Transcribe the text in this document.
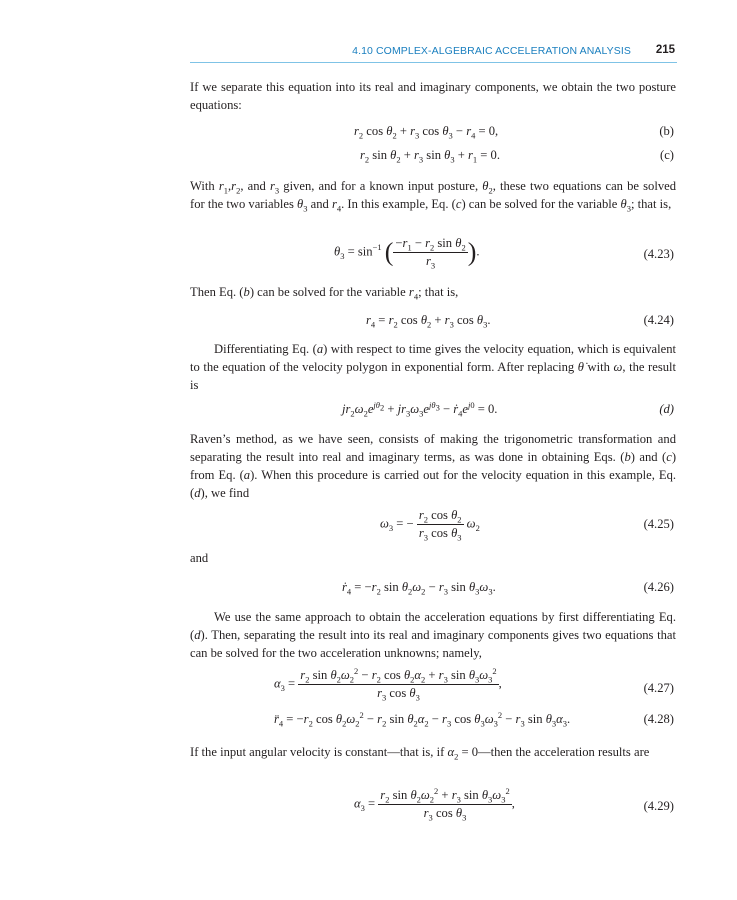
4.10 COMPLEX-ALGEBRAIC ACCELERATION ANALYSIS 215

If we separate this equation into its real and imaginary components, we obtain the two posture equations:

$r_2$ $\cos \theta_2 + r_3$ $\cos \theta_3 - r_4 = 0$,	(b)
$r_2$ $\sin \theta_2 + r_3$ $\sin \theta_3 + r_1 = 0$.	(c)

With $r_1,r_2$, and $r_3$ given, and for a known input posture, $\theta_2$, these two equations can be solved for the two variables $\theta_3$ and $r_4$. In this example, Eq. (c) can be solved for the variable $\theta_3$; that is,

$\theta_3 = \sin^{-1}$ ( $\frac{-r_1 - r_2 \sin \theta_2}{r_3}$ ).	(4.23)

Then Eq. (b) can be solved for the variable $r_4$; that is,

$r_4 = r_2$ $\cos \theta_2 + r_3$ $\cos \theta_3$.	(4.24)

Differentiating Eq. (a) with respect to time gives the velocity equation, which is equivalent to the equation of the velocity polygon in exponential form. After replacing θ̇ with ω, the result is

$jr_2\omega_2e^{j\theta_2} + jr_3\omega_3e^{j\theta_3}$ − $ṙ_4e^{j0} = 0$.	(d)

Raven’s method, as we have seen, consists of making the trigonometric transformation and separating the result into real and imaginary terms, as was done in obtaining Eqs. (b) and (c) from Eq. (a). When this procedure is carried out for the velocity equation in this example, Eq. (d), we find

$\omega_3$ = − $\frac{r_2 \cos \theta_2}{r_3 \cos \theta_3} \omega_2$	(4.25)

and

ṙ$_4$ = $-r_2$ $\sin \theta_2\omega_2 - r_3$ $\sin \theta_3\omega_3$.	(4.26)

We use the same approach to obtain the acceleration equations by first differentiating Eq. (d). Then, separating the result into its real and imaginary components gives two equations that can be solved for the two acceleration unknowns; namely,

$\alpha_3 = \frac{r_2 \sin \theta_2\omega_2^2 - r_2 \cos \theta_2\alpha_2 + r_3 \sin \theta_3\omega_3^2}{r_3 \cos \theta_3}$ ,	(4.27)
$r̈_4 = -r_2$ $\cos \theta_2\omega_2^2 - r_2$ $\sin \theta_2\alpha_2 - r_3$ $\cos \theta_3\omega_3^2 - r_3$ $\sin \theta_3\alpha_3$.	(4.28)

If the input angular velocity is constant—that is, if $\alpha_2$ = 0—then the acceleration results are

$\alpha_3 = \frac{r_2 \sin \theta_2\omega_2^2 + r_3 \sin \theta_3\omega_3^2}{r_3 \cos \theta_3}$ ,	(4.29)
